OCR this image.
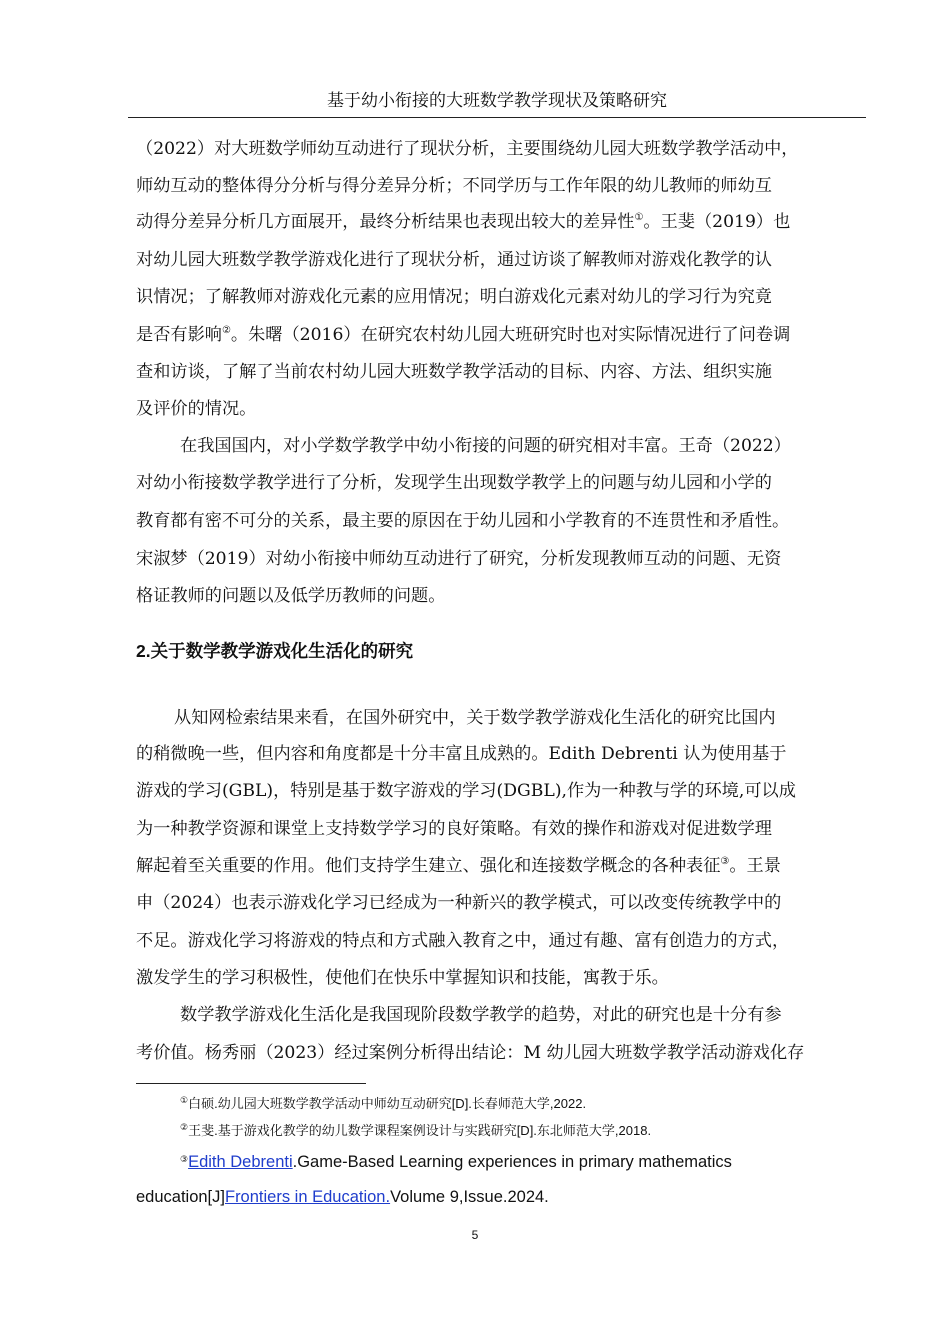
基于幼小衔接的大班数学教学现状及策略研究
（2022）对大班数学师幼互动进行了现状分析，主要围绕幼儿园大班数学教学活动中，
师幼互动的整体得分分析与得分差异分析；不同学历与工作年限的幼儿教师的师幼互
动得分差异分析几方面展开，最终分析结果也表现出较大的差异性①。王斐（2019）也
对幼儿园大班数学教学游戏化进行了现状分析，通过访谈了解教师对游戏化教学的认
识情况；了解教师对游戏化元素的应用情况；明白游戏化元素对幼儿的学习行为究竟
是否有影响②。朱曙（2016）在研究农村幼儿园大班研究时也对实际情况进行了问卷调
查和访谈，了解了当前农村幼儿园大班数学教学活动的目标、内容、方法、组织实施
及评价的情况。
在我国国内，对小学数学教学中幼小衔接的问题的研究相对丰富。王奇（2022）
对幼小衔接数学教学进行了分析，发现学生出现数学教学上的问题与幼儿园和小学的
教育都有密不可分的关系，最主要的原因在于幼儿园和小学教育的不连贯性和矛盾性。
宋淑梦（2019）对幼小衔接中师幼互动进行了研究，分析发现教师互动的问题、无资
格证教师的问题以及低学历教师的问题。
2.关于数学教学游戏化生活化的研究
从知网检索结果来看，在国外研究中，关于数学教学游戏化生活化的研究比国内
的稍微晚一些，但内容和角度都是十分丰富且成熟的。Edith Debrenti 认为使用基于
游戏的学习(GBL)，特别是基于数字游戏的学习(DGBL),作为一种教与学的环境,可以成
为一种教学资源和课堂上支持数学学习的良好策略。有效的操作和游戏对促进数学理
解起着至关重要的作用。他们支持学生建立、强化和连接数学概念的各种表征③。王景
申（2024）也表示游戏化学习已经成为一种新兴的教学模式，可以改变传统教学中的
不足。游戏化学习将游戏的特点和方式融入教育之中，通过有趣、富有创造力的方式，
激发学生的学习积极性，使他们在快乐中掌握知识和技能，寓教于乐。
数学教学游戏化生活化是我国现阶段数学教学的趋势，对此的研究也是十分有参
考价值。杨秀丽（2023）经过案例分析得出结论：M 幼儿园大班数学教学活动游戏化存
①白硕.幼儿园大班数学教学活动中师幼互动研究[D].长春师范大学,2022.
②王斐.基于游戏化教学的幼儿数学课程案例设计与实践研究[D].东北师范大学,2018.
③Edith Debrenti.Game-Based Learning experiences in primary mathematics
education[J]Frontiers in Education.Volume 9,Issue.2024.
5
